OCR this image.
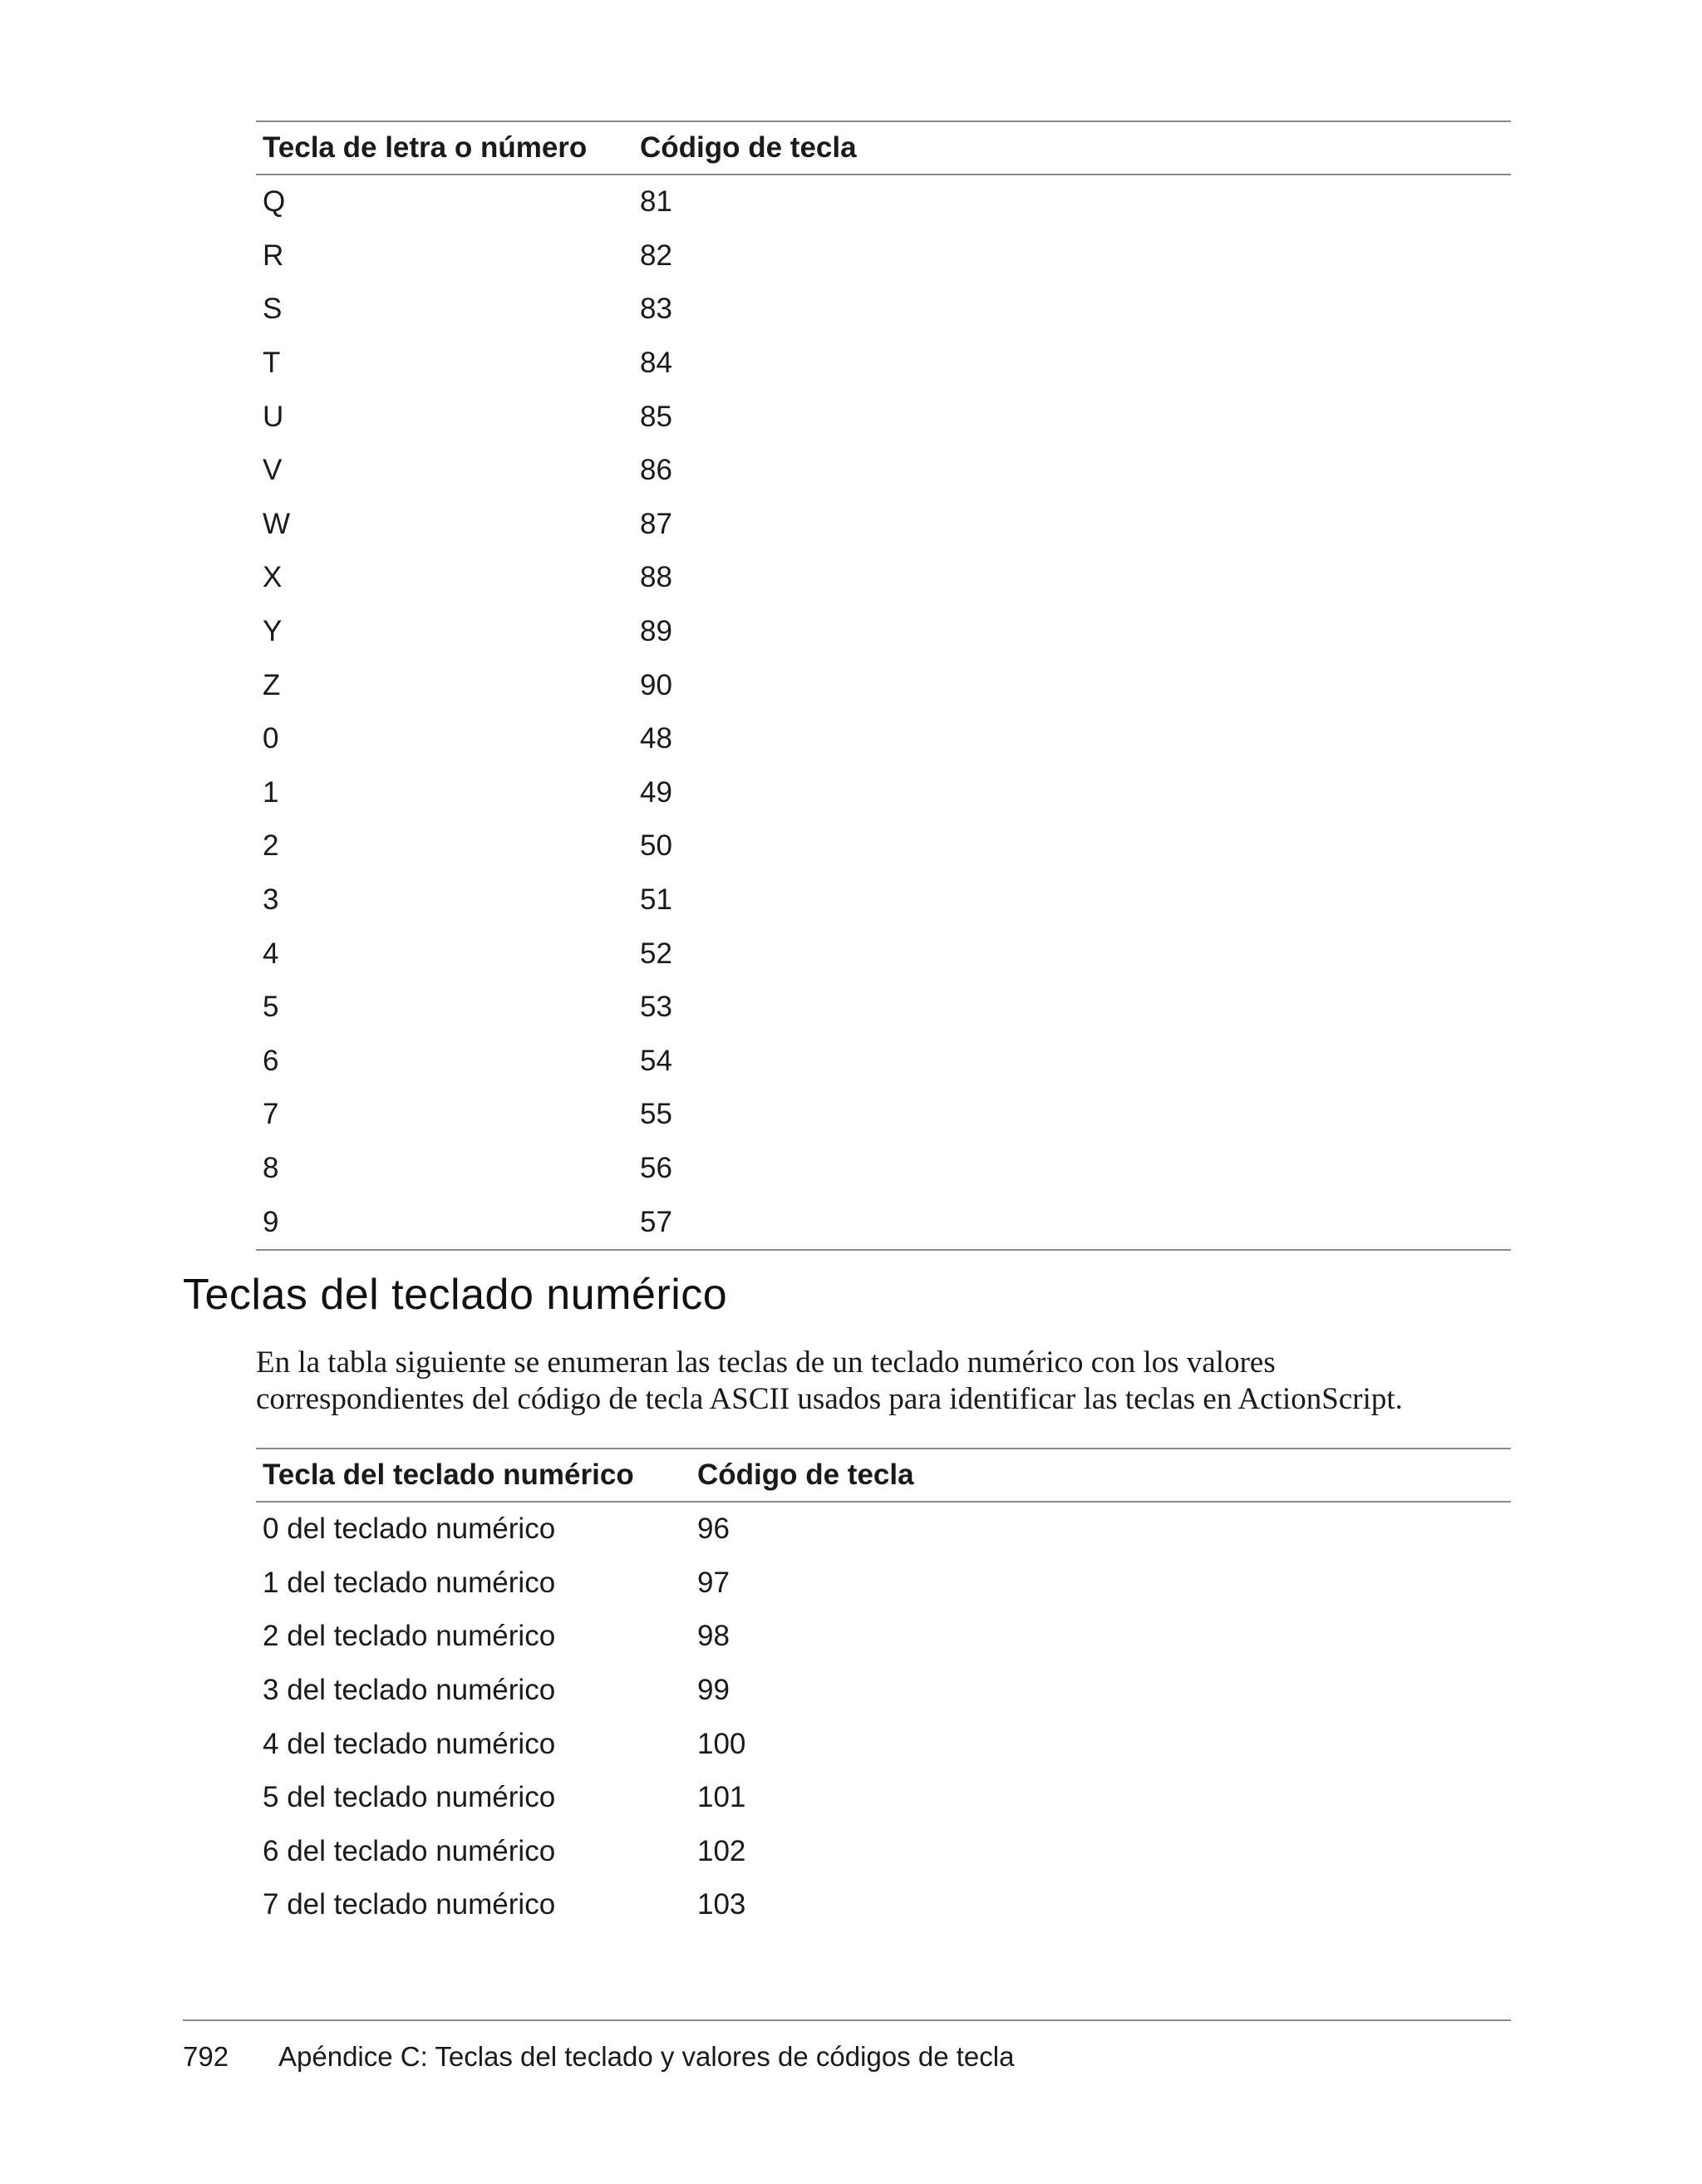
Tecla de letra o número	Código de tecla
Q	81
R	82
S	83
T	84
U	85
V	86
W	87
X	88
Y	89
Z	90
0	48
1	49
2	50
3	51
4	52
5	53
6	54
7	55
8	56
9	57
Teclas del teclado numérico

En la tabla siguiente se enumeran las teclas de un teclado numérico con los valores
correspondientes del código de tecla ASCII usados para identificar las teclas en ActionScript.

Tecla del teclado numérico	Código de tecla
0 del teclado numérico	96
1 del teclado numérico	97
2 del teclado numérico	98
3 del teclado numérico	99
4 del teclado numérico	100
5 del teclado numérico	101
6 del teclado numérico	102
7 del teclado numérico	103
792 Apéndice C: Teclas del teclado y valores de códigos de tecla
